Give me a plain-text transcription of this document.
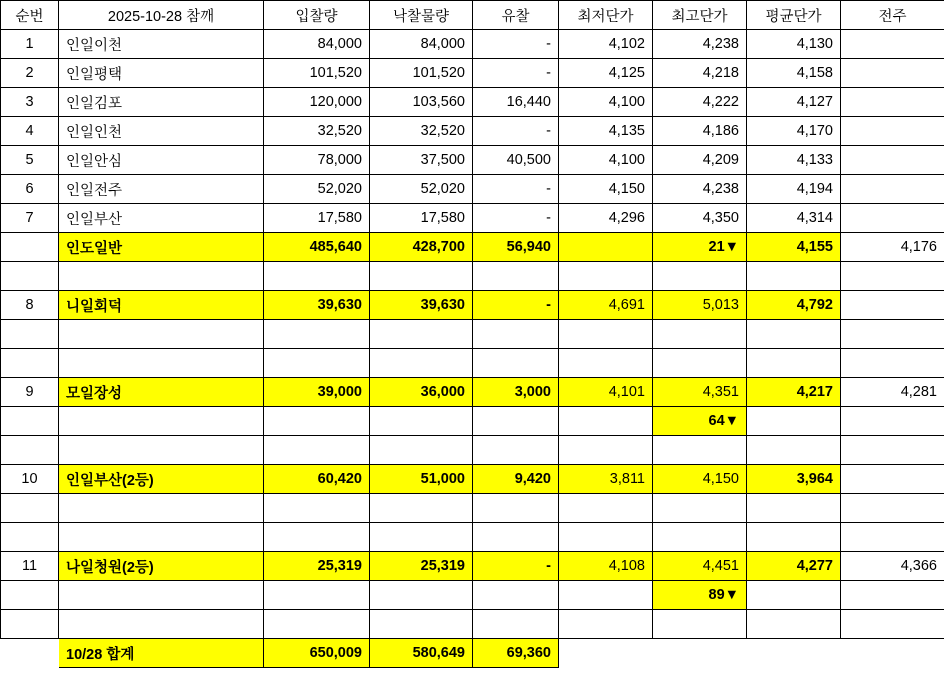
순번	2025-10-28 참깨	입찰량	낙찰물량	유찰	최저단가	최고단가	평균단가	전주
1	인일이천	84,000	84,000	-	4,102	4,238	4,130	
2	인일평택	101,520	101,520	-	4,125	4,218	4,158	
3	인일김포	120,000	103,560	16,440	4,100	4,222	4,127	
4	인일인천	32,520	32,520	-	4,135	4,186	4,170	
5	인일안심	78,000	37,500	40,500	4,100	4,209	4,133	
6	인일전주	52,020	52,020	-	4,150	4,238	4,194	
7	인일부산	17,580	17,580	-	4,296	4,350	4,314	
	인도일반	485,640	428,700	56,940		21▼	4,155	4,176

8	니일회덕	39,630	39,630	-	4,691	5,013	4,792	

9	모일장성	39,000	36,000	3,000	4,101	4,351	4,217	4,281
						64▼		

10	인일부산(2등)	60,420	51,000	9,420	3,811	4,150	3,964	

11	나일청원(2등)	25,319	25,319	-	4,108	4,451	4,277	4,366
						89▼		

	10/28 합계	650,009	580,649	69,360				
